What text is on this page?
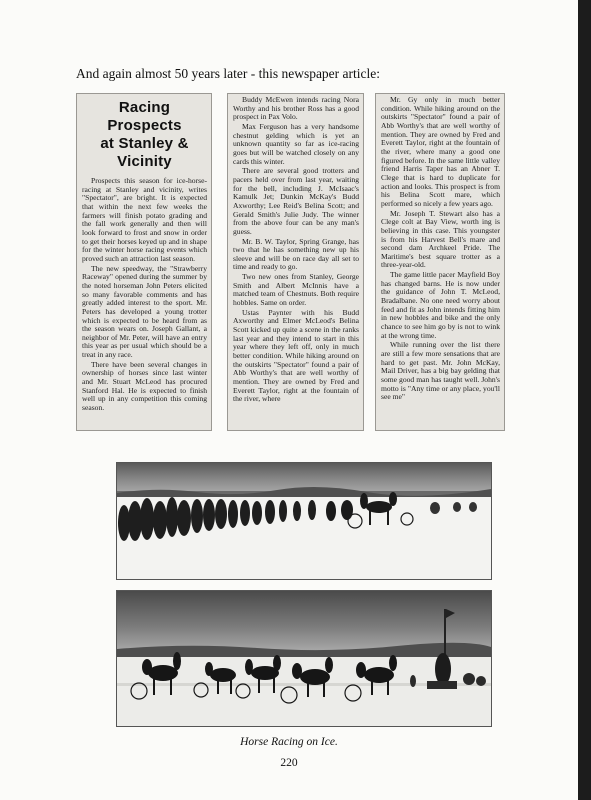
And again almost 50 years later - this newspaper article:
Racing Prospects
at Stanley & Vicinity

Prospects this season for ice-horse-racing at Stanley and vicinity, writes "Spectator", are bright. It is expected that within the next few weeks the farmers will finish potato grading and the fall work generally and then will look forward to frost and snow in order to get their horses keyed up and in shape for the winter horse racing events which proved such an attraction last season.

The new speedway, the "Strawberry Raceway" opened during the summer by the noted horseman John Peters elicited so many favorable comments and has greatly added interest to the sport. Mr. Peters has developed a young trotter which is expected to be heard from as the season wears on. Joseph Gallant, a neighbor of Mr. Peter, will have an entry this year as per usual which should be a treat in any race.

There have been several changes in ownership of horses since last winter and Mr. Stuart McLeod has procured Stanford Hal. He is expected to finish well up in any competition this coming season.

Buddy McEwen intends racing Nora Worthy and his brother Ross has a good prospect in Pax Volo.

Max Ferguson has a very handsome chestnut gelding which is yet an unknown quantity so far as ice-racing goes but will be watched closely on any cards this winter.

There are several good trotters and pacers held over from last year, waiting for the bell, including J. McIsaac's Kamulk Jet; Dunkin McKay's Budd Axworthy; Lee Reid's Belina Scott; and Gerald Smith's Julie Judy. The winner from the above four can be any man's guess.

Mr. B. W. Taylor, Spring Grange, has two that he has something new up his sleeve and will be on race day all set to time and ready to go.

Two new ones from Stanley, George Smith and Albert McInnis have a matched team of Chestnuts. Both require hobbles. Same on order.

Ustas Paynter with his Budd Axworthy and Elmer McLeod's Belina Scott kicked up quite a scene in the ranks last year and they intend to start in this year where they left off, only in much better condition. While hiking around on the outskirts "Spectator" found a pair of Abb Worthy's that are well worthy of mention. They are owned by Fred and Everett Taylor, right at the fountain of the river, where

Mr. Gy only in much better condition. While hiking around on the outskirts "Spectator" found a pair of Abb Worthy's that are well worthy of mention. They are owned by Fred and Everett Taylor, right at the fountain of the river, where many a good one figured before. In the same little valley friend Harris Taper has an Abner T. Clege that is hard to duplicate for action and looks. This prospect is from his Belina Scott mare, which performed so nicely a few years ago.

Mr. Joseph T. Stewart also has a Clege colt at Bay View, worth ing is believing in this case. This youngster is from his Harvest Bell's mare and second dam Archkeel Pride. The Maritime's best square trotter as a three-year-old.

The game little pacer Mayfield Boy has changed barns. He is now under the guidance of John T. McLeod, Bradalbane. No one need worry about feed and fit as John intends fitting him in new hobbles and bike and the only chance to see him go by is not to wink at the wrong time.

While running over the list there are still a few more sensations that are hard to get past. Mr. John McKay, Mail Driver, has a big bay gelding that some good man has taught well. John's motto is "Any time or any place, you'll see me"

Horse Racing on Ice.
220
